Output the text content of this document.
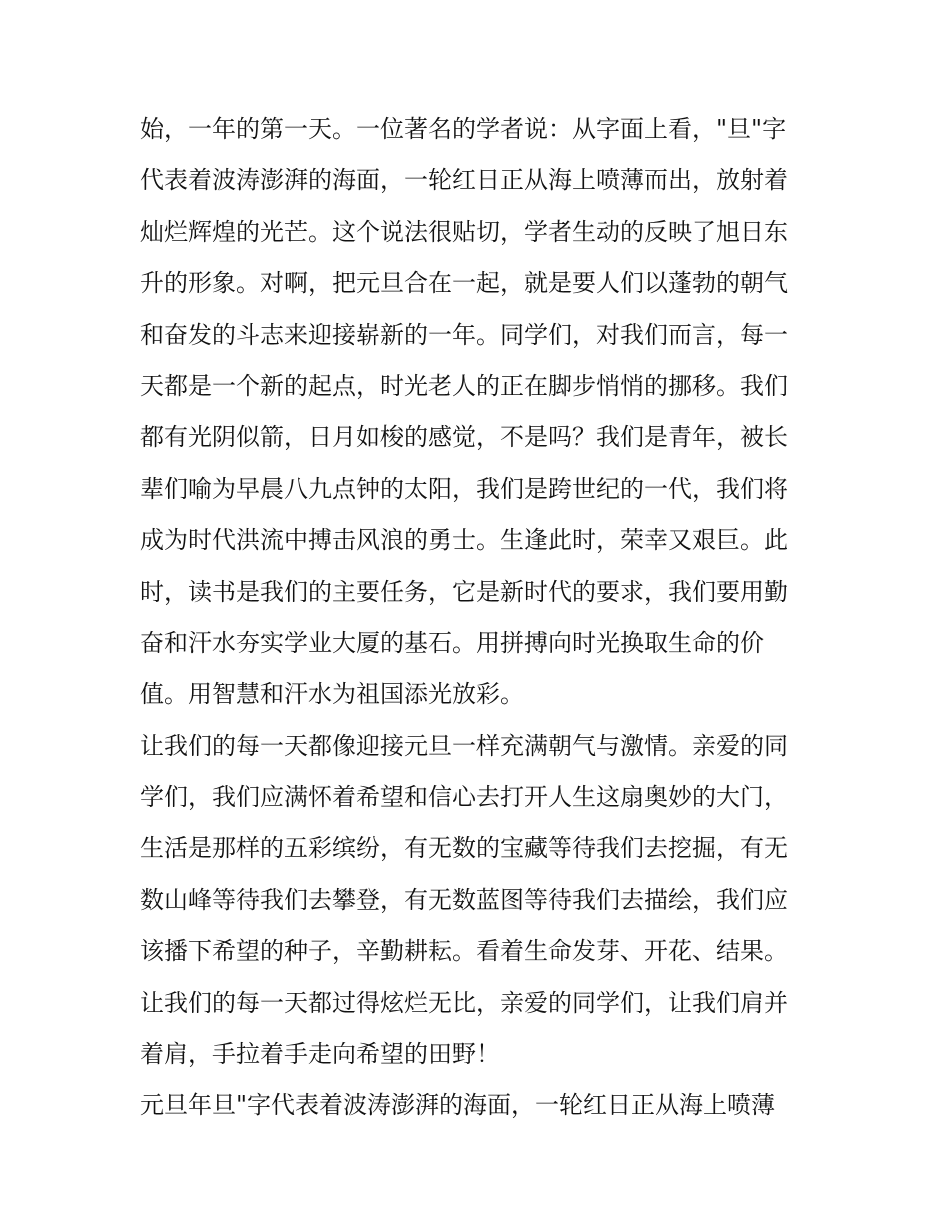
始，一年的第一天。一位著名的学者说：从字面上看，"旦"字
代表着波涛澎湃的海面，一轮红日正从海上喷薄而出，放射着
灿烂辉煌的光芒。这个说法很贴切，学者生动的反映了旭日东
升的形象。对啊，把元旦合在一起，就是要人们以蓬勃的朝气
和奋发的斗志来迎接崭新的一年。同学们，对我们而言，每一
天都是一个新的起点，时光老人的正在脚步悄悄的挪移。我们
都有光阴似箭，日月如梭的感觉，不是吗？我们是青年，被长
辈们喻为早晨八九点钟的太阳，我们是跨世纪的一代，我们将
成为时代洪流中搏击风浪的勇士。生逢此时，荣幸又艰巨。此
时，读书是我们的主要任务，它是新时代的要求，我们要用勤
奋和汗水夯实学业大厦的基石。用拼搏向时光换取生命的价
值。用智慧和汗水为祖国添光放彩。
让我们的每一天都像迎接元旦一样充满朝气与激情。亲爱的同
学们，我们应满怀着希望和信心去打开人生这扇奥妙的大门，
生活是那样的五彩缤纷，有无数的宝藏等待我们去挖掘，有无
数山峰等待我们去攀登，有无数蓝图等待我们去描绘，我们应
该播下希望的种子，辛勤耕耘。看着生命发芽、开花、结果。
让我们的每一天都过得炫烂无比，亲爱的同学们，让我们肩并
着肩，手拉着手走向希望的田野！
元旦年旦"字代表着波涛澎湃的海面，一轮红日正从海上喷薄
